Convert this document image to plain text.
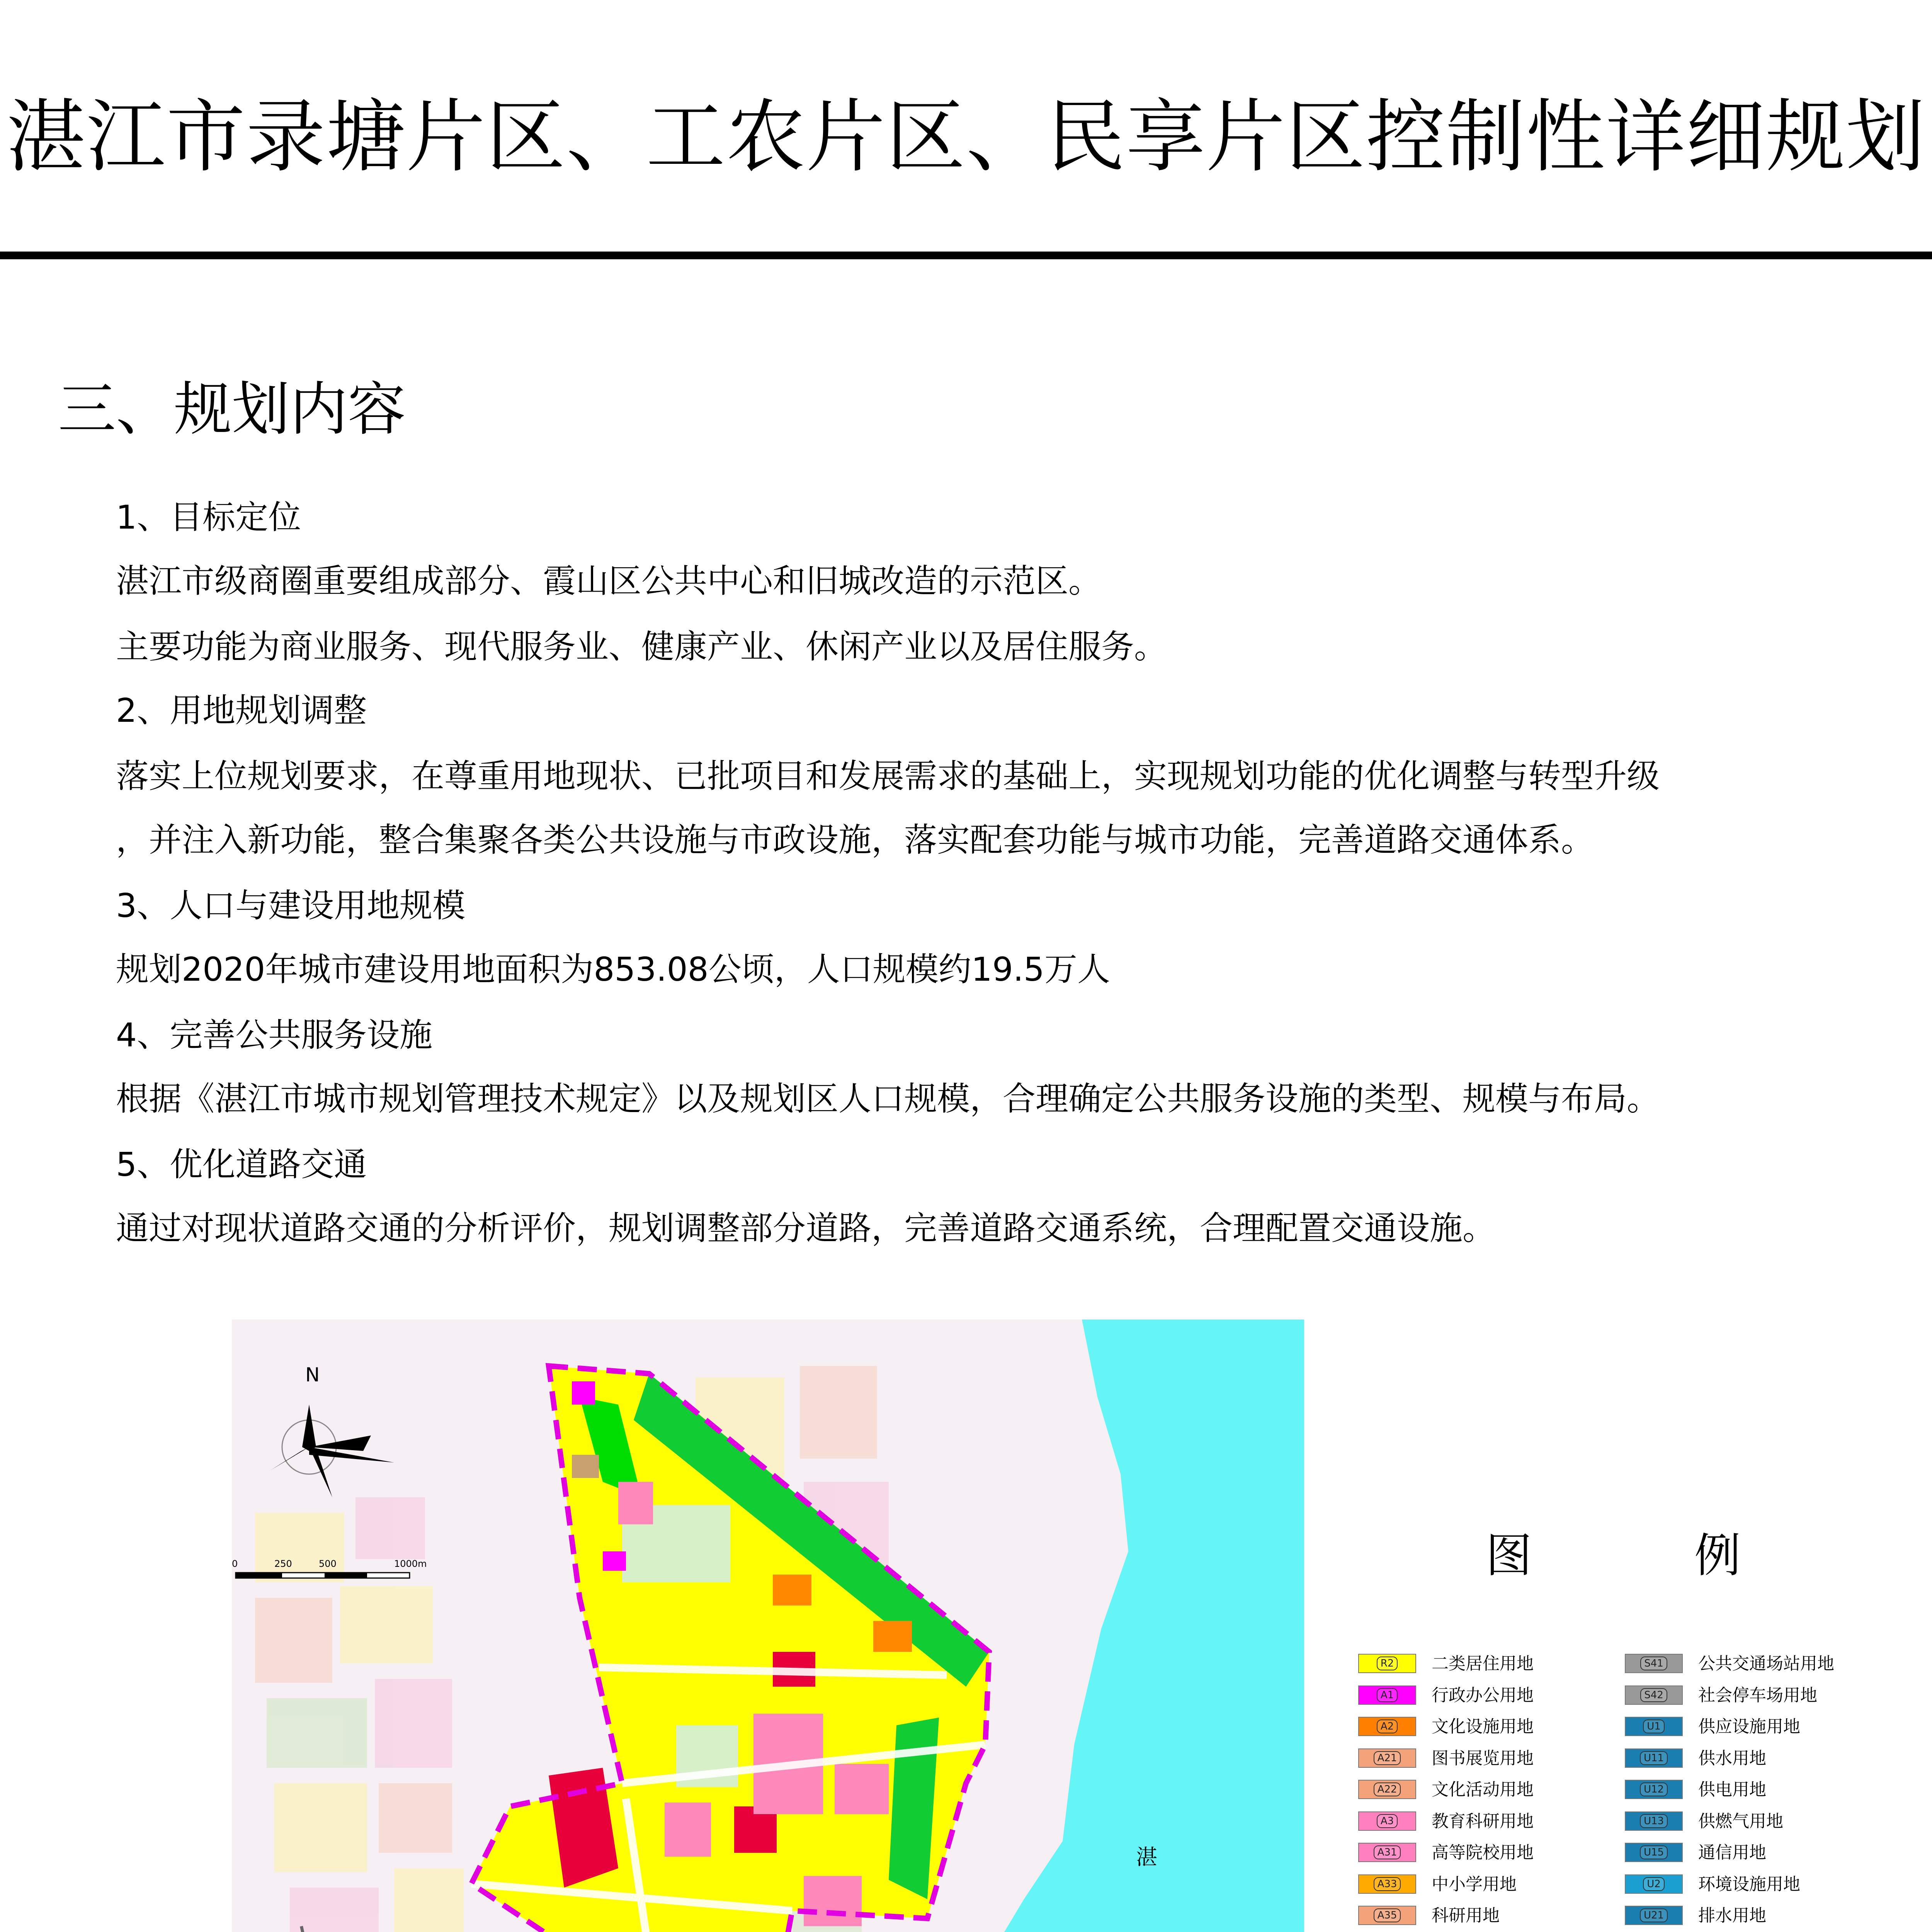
湛江市录塘片区、工农片区、民享片区控制性详细规划
三、规划内容
1、目标定位
湛江市级商圈重要组成部分、霞山区公共中心和旧城改造的示范区。
主要功能为商业服务、现代服务业、健康产业、休闲产业以及居住服务。
2、用地规划调整
落实上位规划要求，在尊重用地现状、已批项目和发展需求的基础上，实现规划功能的优化调整与转型升级
，并注入新功能，整合集聚各类公共设施与市政设施，落实配套功能与城市功能，完善道路交通体系。
3、人口与建设用地规模
规划2020年城市建设用地面积为853.08公顷，人口规模约19.5万人
4、完善公共服务设施
根据《湛江市城市规划管理技术规定》以及规划区人口规模，合理确定公共服务设施的类型、规模与布局。
5、优化道路交通
通过对现状道路交通的分析评价，规划调整部分道路，完善道路交通系统，合理配置交通设施。
N
0	250	500	1000m
湛
图　例
R2 二类居住用地
A1 行政办公用地
A2 文化设施用地
A21 图书展览用地
A22 文化活动用地
A3 教育科研用地
A31 高等院校用地
A33 中小学用地
A35 科研用地
S41 公共交通场站用地
S42 社会停车场用地
U1 供应设施用地
U11 供水用地
U12 供电用地
U13 供燃气用地
U15 通信用地
U2 环境设施用地
U21 排水用地
